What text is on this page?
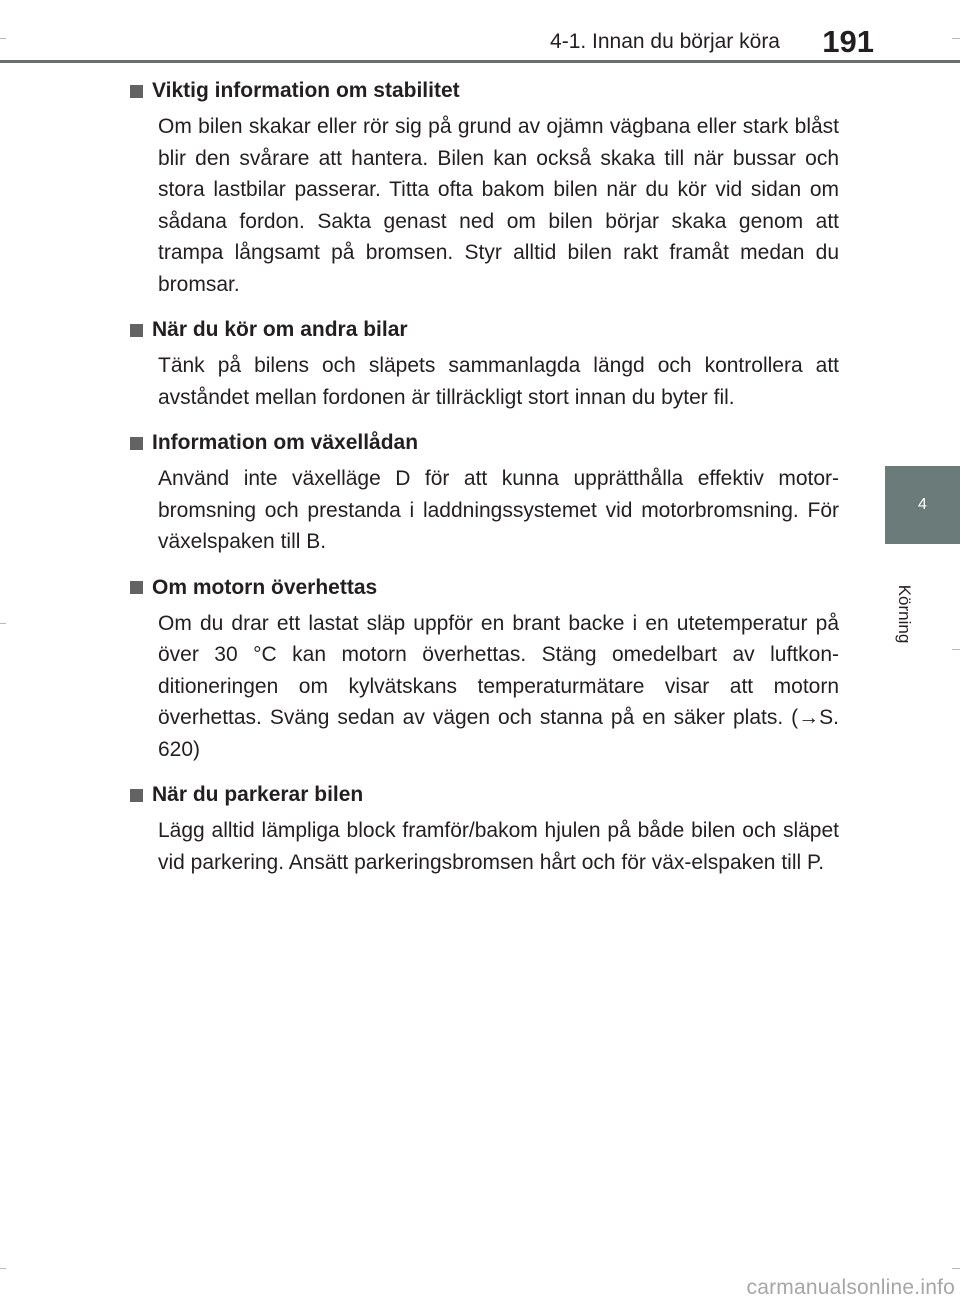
4-1. Innan du börjar köra 191
4
Körning
Viktig information om stabilitet

Om bilen skakar eller rör sig på grund av ojämn vägbana eller stark blåst blir den svårare att hantera. Bilen kan också skaka till när bussar och stora lastbilar passerar. Titta ofta bakom bilen när du kör vid sidan om sådana fordon. Sakta genast ned om bilen börjar skaka genom att trampa långsamt på bromsen. Styr alltid bilen rakt framåt medan du bromsar.

När du kör om andra bilar

Tänk på bilens och släpets sammanlagda längd och kontrollera att avståndet mellan fordonen är tillräckligt stort innan du byter fil.

Information om växellådan

Använd inte växelläge D för att kunna upprätthålla effektiv motor-bromsning och prestanda i laddningssystemet vid motorbromsning. För växelspaken till B.

Om motorn överhettas

Om du drar ett lastat släp uppför en brant backe i en utetemperatur på över 30 °C kan motorn överhettas. Stäng omedelbart av luftkon-ditioneringen om kylvätskans temperaturmätare visar att motorn överhettas. Sväng sedan av vägen och stanna på en säker plats. (→S. 620)

När du parkerar bilen

Lägg alltid lämpliga block framför/bakom hjulen på både bilen och släpet vid parkering. Ansätt parkeringsbromsen hårt och för väx-elspaken till P.

carmanualsonline.info
